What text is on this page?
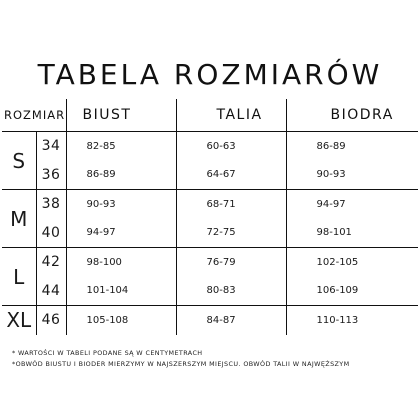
TABELA ROZMIARÓW
ROZMIAR		BIUST	TALIA	BIODRA
S	34	82-85	60-63	86-89
	36	86-89	64-67	90-93
M	38	90-93	68-71	94-97
	40	94-97	72-75	98-101
L	42	98-100	76-79	102-105
	44	101-104	80-83	106-109
XL	46	105-108	84-87	110-113
* WARTOŚCI W TABELI PODANE SĄ W CENTYMETRACH
*OBWÓD BIUSTU I BIODER MIERZYMY W NAJSZERSZYM MIEJSCU. OBWÓD TALII W NAJWĘŻSZYM
